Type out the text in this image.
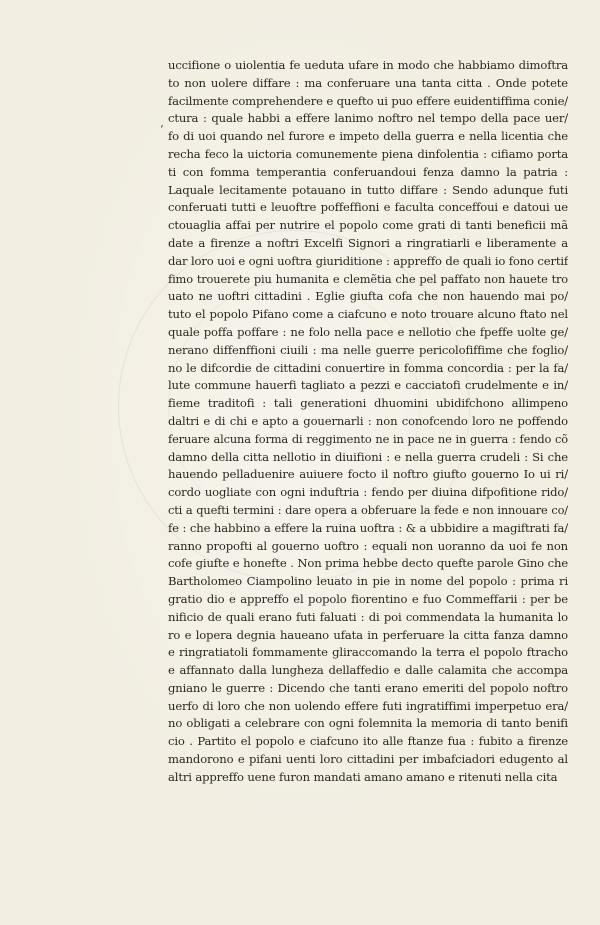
‘
uccifione o uiolentia fe ueduta ufare in modo che habbiamo dimoftra
to non uolere diffare : ma conferuare una tanta citta . Onde potete
facilmente comprehendere e quefto ui puo effere euidentiffima conie∕
ctura : quale habbi a effere lanimo noftro nel tempo della pace uer∕
fo di uoi quando nel furore e impeto della guerra e nella licentia che
recha feco la uictoria comunemente piena dinfolentia : cifiamo porta
ti con fomma temperantia conferuandoui fenza damno la patria :
Laquale lecitamente potauano in tutto diffare : Sendo adunque futi
conferuati tutti e leuoftre poffeffioni e faculta conceffoui e datoui ue
ctouaglia affai per nutrire el popolo come grati di tanti beneficii mã
date a firenze a noftri Excelfi Signori a ringratiarli e liberamente a
dar loro uoi e ogni uoftra giuriditione : appreffo de quali io fono certif
fimo trouerete piu humanita e clemẽtia che pel paffato non hauete tro
uato ne uoftri cittadini . Eglie giufta cofa che non hauendo mai po∕
tuto el popolo Pifano come a ciafcuno e noto trouare alcuno ftato nel
quale poffa poffare : ne folo nella pace e nellotio che fpeffe uolte ge∕
nerano diffenffioni ciuili : ma nelle guerre pericolofiffime che foglio∕
no le difcordie de cittadini conuertire in fomma concordia : per la fa∕
lute commune hauerfi tagliato a pezzi e cacciatofi crudelmente e in∕
fieme traditofi : tali generationi dhuomini ubidifchono allimpeno
daltri e di chi e apto a gouernarli : non conofcendo loro ne poffendo
feruare alcuna forma di reggimento ne in pace ne in guerra : fendo cõ
damno della citta nellotio in diuifioni : e nella guerra crudeli : Si che
hauendo pelladuenire auiuere focto il noftro giufto gouerno Io ui ri∕
cordo uogliate con ogni induftria : fendo per diuina difpofitione rido∕
cti a quefti termini : dare opera a obferuare la fede e non innouare co∕
fe : che habbino a effere la ruina uoftra : & a ubbidire a magiftrati fa∕
ranno propofti al gouerno uoftro : equali non uoranno da uoi fe non
cofe giufte e honefte . Non prima hebbe decto quefte parole Gino che
Bartholomeo Ciampolino leuato in pie in nome del popolo : prima ri
gratio dio e appreffo el popolo fiorentino e fuo Commeffarii : per be
nificio de quali erano futi faluati : di poi commendata la humanita lo
ro e lopera degnia haueano ufata in perferuare la citta fanza damno
e ringratiatoli fommamente gliraccomando la terra el popolo ftracho
e affannato dalla lungheza dellaffedio e dalle calamita che accompa
gniano le guerre : Dicendo che tanti erano emeriti del popolo noftro
uerfo di loro che non uolendo effere futi ingratiffimi imperpetuo era∕
no obligati a celebrare con ogni folemnita la memoria di tanto benifi
cio . Partito el popolo e ciafcuno ito alle ftanze fua : fubito a firenze
mandorono e pifani uenti loro cittadini per imbafciadori edugento al
altri appreffo uene furon mandati amano amano e ritenuti nella cita
